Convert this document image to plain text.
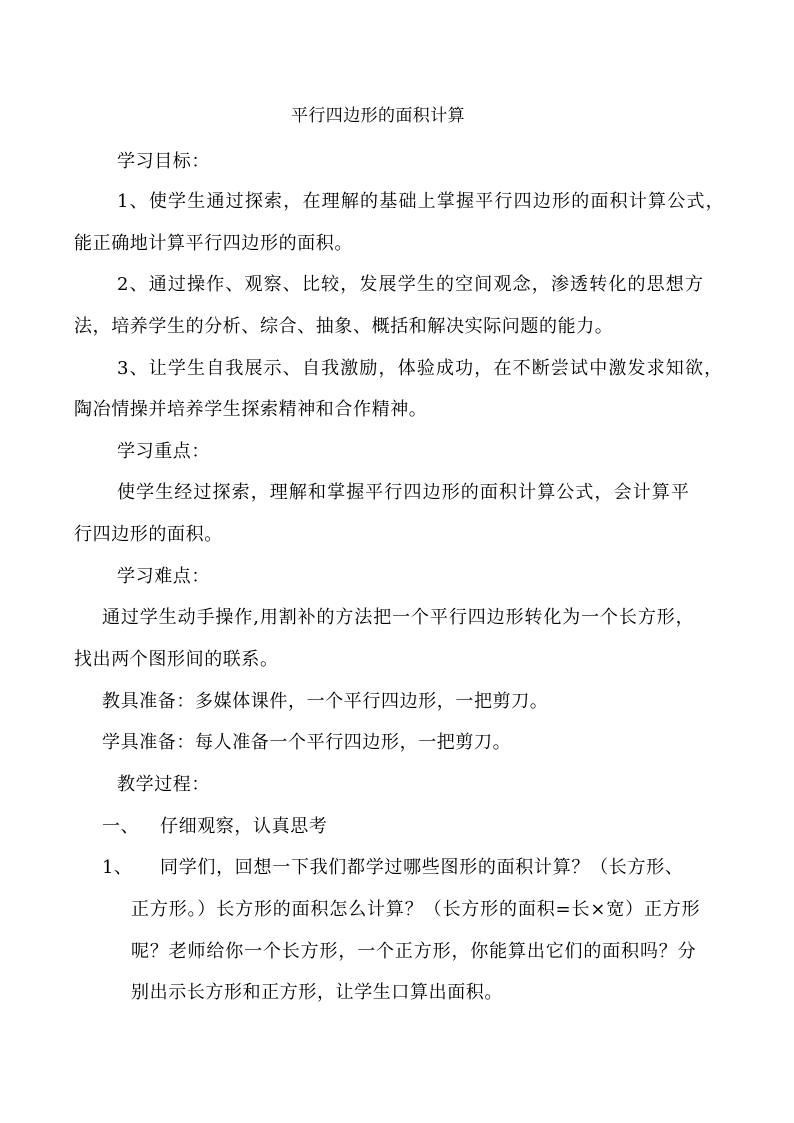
平行四边形的面积计算
学习目标：
1、使学生通过探索，在理解的基础上掌握平行四边形的面积计算公式，
能正确地计算平行四边形的面积。
2、通过操作、观察、比较，发展学生的空间观念，渗透转化的思想方
法，培养学生的分析、综合、抽象、概括和解决实际问题的能力。
3、让学生自我展示、自我激励，体验成功，在不断尝试中激发求知欲，
陶冶情操并培养学生探索精神和合作精神。
学习重点：
使学生经过探索，理解和掌握平行四边形的面积计算公式，会计算平
行四边形的面积。
学习难点：
通过学生动手操作,用割补的方法把一个平行四边形转化为一个长方形，
找出两个图形间的联系。
教具准备：多媒体课件，一个平行四边形，一把剪刀。
学具准备：每人准备一个平行四边形，一把剪刀。
教学过程：
一、 仔细观察，认真思考
1、 同学们，回想一下我们都学过哪些图形的面积计算？（长方形、
正方形。）长方形的面积怎么计算？（长方形的面积=长×宽）正方形
呢？老师给你一个长方形，一个正方形，你能算出它们的面积吗？分
别出示长方形和正方形，让学生口算出面积。
